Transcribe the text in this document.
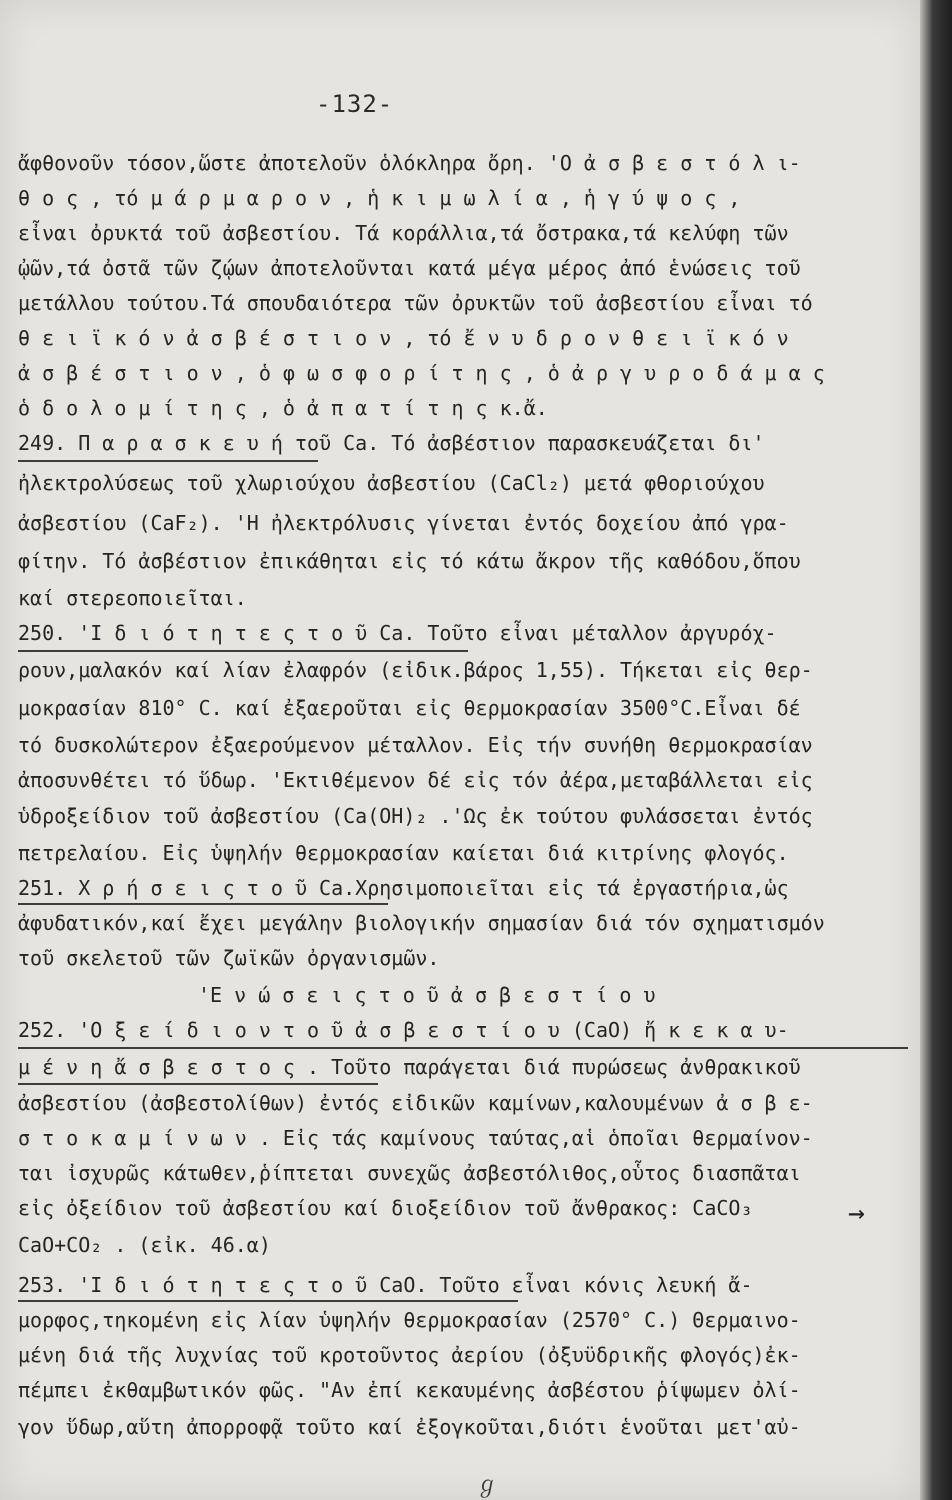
-132-
ἄφθονοῦν τόσον,ὥστε ἀποτελοῦν ὁλόκληρα ὄρη. 'Ο ἀ σ β ε σ τ ό λ ι-
θ ο ς , τό μ ά ρ μ α ρ ο ν , ἡ κ ι μ ω λ ί α , ἡ γ ύ ψ ο ς ,
εἶναι ὀρυκτά τοῦ ἀσβεστίου. Τά κοράλλια,τά ὄστρακα,τά κελύφη τῶν
ᾠῶν,τά ὀστᾶ τῶν ζῴων ἀποτελοῦνται κατά μέγα μέρος ἀπό ἑνώσεις τοῦ
μετάλλου τούτου.Τά σπουδαιότερα τῶν ὀρυκτῶν τοῦ ἀσβεστίου εἶναι τό
θ ε ι ϊ κ ό ν ἀ σ β έ σ τ ι ο ν , τό ἔ ν υ δ ρ ο ν θ ε ι ϊ κ ό ν
ἀ σ β έ σ τ ι ο ν , ὁ φ ω σ φ ο ρ ί τ η ς , ὁ ἀ ρ γ υ ρ ο δ ά μ α ς
ὁ δ ο λ ο μ ί τ η ς , ὁ ἀ π α τ ί τ η ς κ.ἄ.
249. Π α ρ α σ κ ε υ ή τοῦ Ca. Τό ἀσβέστιον παρασκευάζεται δι'
ἠλεκτρολύσεως τοῦ χλωριούχου ἀσβεστίου (CaCl₂) μετά φθοριούχου
ἀσβεστίου (CaF₂). 'Η ἠλεκτρόλυσις γίνεται ἐντός δοχείου ἀπό γρα-
φίτην. Τό ἀσβέστιον ἐπικάθηται εἰς τό κάτω ἄκρον τῆς καθόδου,ὅπου
καί στερεοποιεῖται.
250. 'Ι δ ι ό τ η τ ε ς τ ο ῦ Ca. Τοῦτο εἶναι μέταλλον ἀργυρόχ-
ρουν,μαλακόν καί λίαν ἐλαφρόν (εἰδικ.βάρος 1,55). Τήκεται εἰς θερ-
μοκρασίαν 810° C. καί ἐξαεροῦται εἰς θερμοκρασίαν 3500°C.Εἶναι δέ
τό δυσκολώτερον ἐξαερούμενον μέταλλον. Εἰς τήν συνήθη θερμοκρασίαν
ἀποσυνθέτει τό ὕδωρ. 'Εκτιθέμενον δέ εἰς τόν ἀέρα,μεταβάλλεται εἰς
ὑδροξείδιον τοῦ ἀσβεστίου (Ca(OH)₂ .'Ως ἐκ τούτου φυλάσσεται ἐντός
πετρελαίου. Εἰς ὑψηλήν θερμοκρασίαν καίεται διά κιτρίνης φλογός.
251. Χ ρ ή σ ε ι ς τ ο ῦ Ca.Χρησιμοποιεῖται εἰς τά ἐργαστήρια,ὡς
ἀφυδατικόν,καί ἔχει μεγάλην βιολογικήν σημασίαν διά τόν σχηματισμόν
τοῦ σκελετοῦ τῶν ζωϊκῶν ὀργανισμῶν.
'Ε ν ώ σ ε ι ς τ ο ῦ ἀ σ β ε σ τ ί ο υ
252. 'Ο ξ ε ί δ ι ο ν τ ο ῦ ἀ σ β ε σ τ ί ο υ (CaO) ἤ κ ε κ α υ-
μ έ ν η ἄ σ β ε σ τ ο ς . Τοῦτο παράγεται διά πυρώσεως ἀνθρακικοῦ
ἀσβεστίου (ἀσβεστολίθων) ἐντός εἰδικῶν καμίνων,καλουμένων ἀ σ β ε-
σ τ ο κ α μ ί ν ω ν . Εἰς τάς καμίνους ταύτας,αἱ ὁποῖαι θερμαίνον-
ται ἰσχυρῶς κάτωθεν,ῥίπτεται συνεχῶς ἀσβεστόλιθος,οὗτος διασπᾶται
εἰς ὀξείδιον τοῦ ἀσβεστίου καί διοξείδιον τοῦ ἄνθρακος: CaCO₃	→
CaO+CO₂ . (εἰκ. 46.α)
253. 'Ι δ ι ό τ η τ ε ς τ ο ῦ CaO. Τοῦτο εἶναι κόνις λευκή ἄ-
μορφος,τηκομένη εἰς λίαν ὑψηλήν θερμοκρασίαν (2570° C.) Θερμαινο-
μένη διά τῆς λυχνίας τοῦ κροτοῦντος ἀερίου (ὀξυϋδρικῆς φλογός)ἐκ-
πέμπει ἐκθαμβωτικόν φῶς. "Αν ἐπί κεκαυμένης ἀσβέστου ῥίψωμεν ὀλί-
γον ὕδωρ,αὕτη ἀπορροφᾷ τοῦτο καί ἐξογκοῦται,διότι ἑνοῦται μετ'αὐ-
ℊ
